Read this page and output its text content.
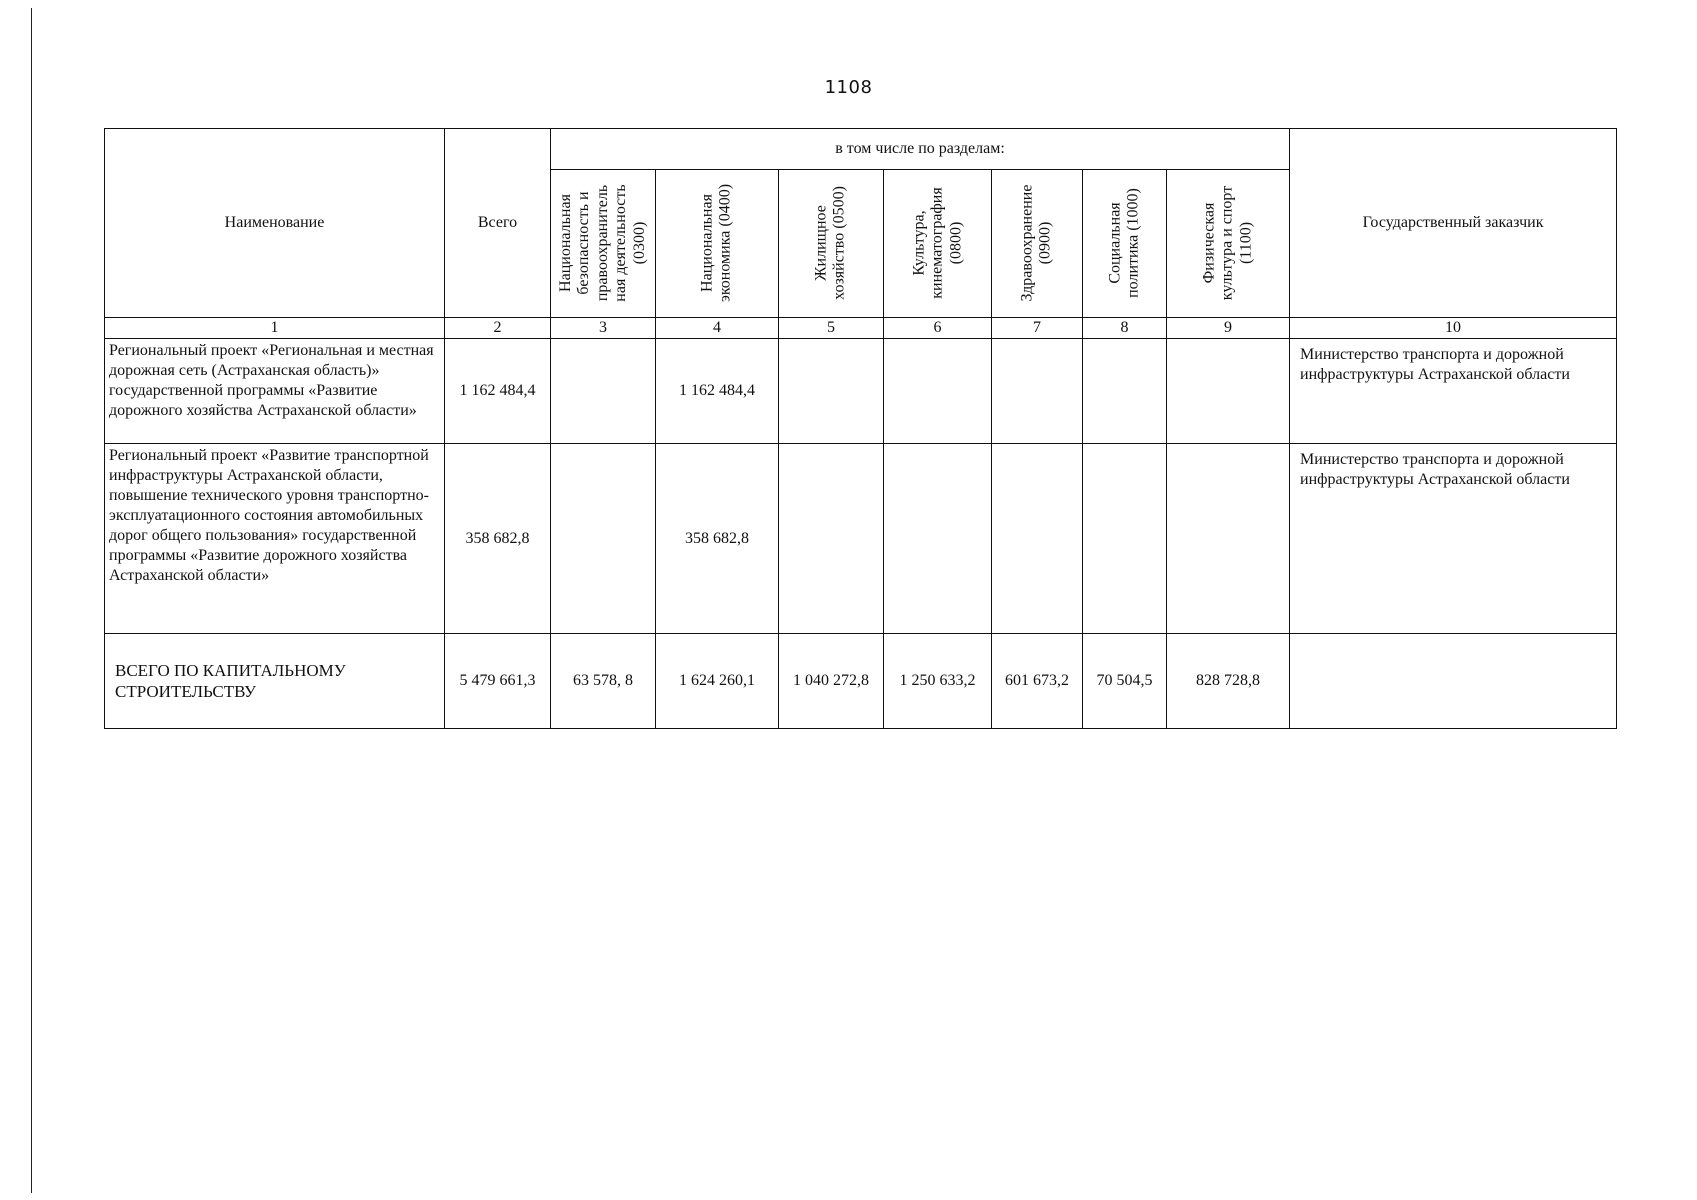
1108
Наименование	Всего	в том числе по разделам:							Государственный заказчик

		Национальная безопасность и правоохранитель ная деятельность (0300)	Национальная экономика (0400)	Жилищное хозяйство (0500)	Культура, кинематография (0800)	Здравоохранение (0900)	Социальная политика (1000)	Физическая культура и спорт (1100)	

1	2	3	4	5	6	7	8	9	10
Региональный проект «Региональная и местная дорожная сеть (Астраханская область)» государственной программы «Развитие дорожного хозяйства Астраханской области»	1 162 484,4		1 162 484,4						Министерство транспорта и дорожной инфраструктуры Астраханской области
Региональный проект «Развитие транспортной инфраструктуры Астраханской области, повышение технического уровня транспортно-эксплуатационного состояния автомобильных дорог общего пользования» государственной программы «Развитие дорожного хозяйства Астраханской области»	358 682,8		358 682,8						Министерство транспорта и дорожной инфраструктуры Астраханской области
ВСЕГО ПО КАПИТАЛЬНОМУ СТРОИТЕЛЬСТВУ	5 479 661,3	63 578, 8	1 624 260,1	1 040 272,8	1 250 633,2	601 673,2	70 504,5	828 728,8	
